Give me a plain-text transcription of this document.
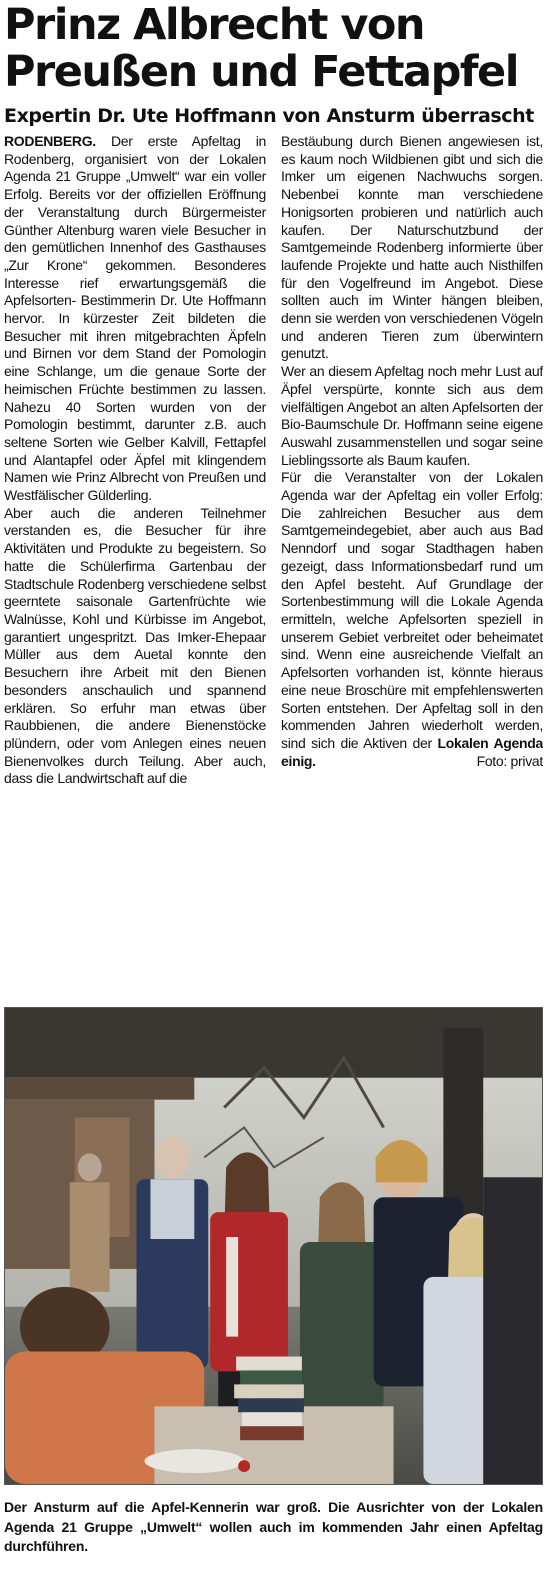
Prinz Albrecht von
Preußen und Fettapfel
Expertin Dr. Ute Hoffmann von Ansturm überrascht

RODENBERG. Der erste Apfeltag in Rodenberg, organisiert von der Lokalen Agenda 21 Gruppe „Umwelt“ war ein voller Erfolg. Bereits vor der offiziellen Eröffnung der Veranstaltung durch Bürgermeister Günther Altenburg waren viele Besucher in den gemütlichen Innenhof des Gasthauses „Zur Krone“ gekommen. Besonderes Interesse rief erwartungsgemäß die Apfelsorten- Bestimmerin Dr. Ute Hoffmann hervor. In kürzester Zeit bildeten die Besucher mit ihren mitgebrachten Äpfeln und Birnen vor dem Stand der Pomologin eine Schlange, um die genaue Sorte der heimischen Früchte bestimmen zu lassen. Nahezu 40 Sorten wurden von der Pomologin bestimmt, darunter z.B. auch seltene Sorten wie Gelber Kalvill, Fettapfel und Alantapfel oder Äpfel mit klingendem Namen wie Prinz Albrecht von Preußen und Westfälischer Gülderling.

Aber auch die anderen Teilnehmer verstanden es, die Besucher für ihre Aktivitäten und Produkte zu begeistern. So hatte die Schülerfirma Gartenbau der Stadtschule Rodenberg verschiedene selbst geerntete saisonale Gartenfrüchte wie Walnüsse, Kohl und Kürbisse im Angebot, garantiert ungespritzt. Das Imker-Ehepaar Müller aus dem Auetal konnte den Besuchern ihre Arbeit mit den Bienen besonders anschaulich und spannend erklären. So erfuhr man etwas über Raubbienen, die andere Bienenstöcke plündern, oder vom Anlegen eines neuen Bienenvolkes durch Teilung. Aber auch, dass die Landwirtschaft auf die

Bestäubung durch Bienen angewiesen ist, es kaum noch Wildbienen gibt und sich die Imker um eigenen Nachwuchs sorgen. Nebenbei konnte man verschiedene Honigsorten probieren und natürlich auch kaufen. Der Naturschutzbund der Samtgemeinde Rodenberg informierte über laufende Projekte und hatte auch Nisthilfen für den Vogelfreund im Angebot. Diese sollten auch im Winter hängen bleiben, denn sie werden von verschiedenen Vögeln und anderen Tieren zum überwintern genutzt.

Wer an diesem Apfeltag noch mehr Lust auf Äpfel verspürte, konnte sich aus dem vielfältigen Angebot an alten Apfelsorten der Bio-Baumschule Dr. Hoffmann seine eigene Auswahl zusammenstellen und sogar seine Lieblingssorte als Baum kaufen.

Für die Veranstalter von der Lokalen Agenda war der Apfeltag ein voller Erfolg: Die zahlreichen Besucher aus dem Samtgemeindegebiet, aber auch aus Bad Nenndorf und sogar Stadthagen haben gezeigt, dass Informationsbedarf rund um den Apfel besteht. Auf Grundlage der Sortenbestimmung will die Lokale Agenda ermitteln, welche Apfelsorten speziell in unserem Gebiet verbreitet oder beheimatet sind. Wenn eine ausreichende Vielfalt an Apfelsorten vorhanden ist, könnte hieraus eine neue Broschüre mit empfehlenswerten Sorten entstehen. Der Apfeltag soll in den kommenden Jahren wiederholt werden, sind sich die Aktiven der Lokalen Agenda einig.	Foto: privat

Der Ansturm auf die Apfel-Kennerin war groß. Die Ausrichter von der Lokalen Agenda 21 Gruppe „Umwelt“ wollen auch im kommenden Jahr einen Apfeltag durchführen.
